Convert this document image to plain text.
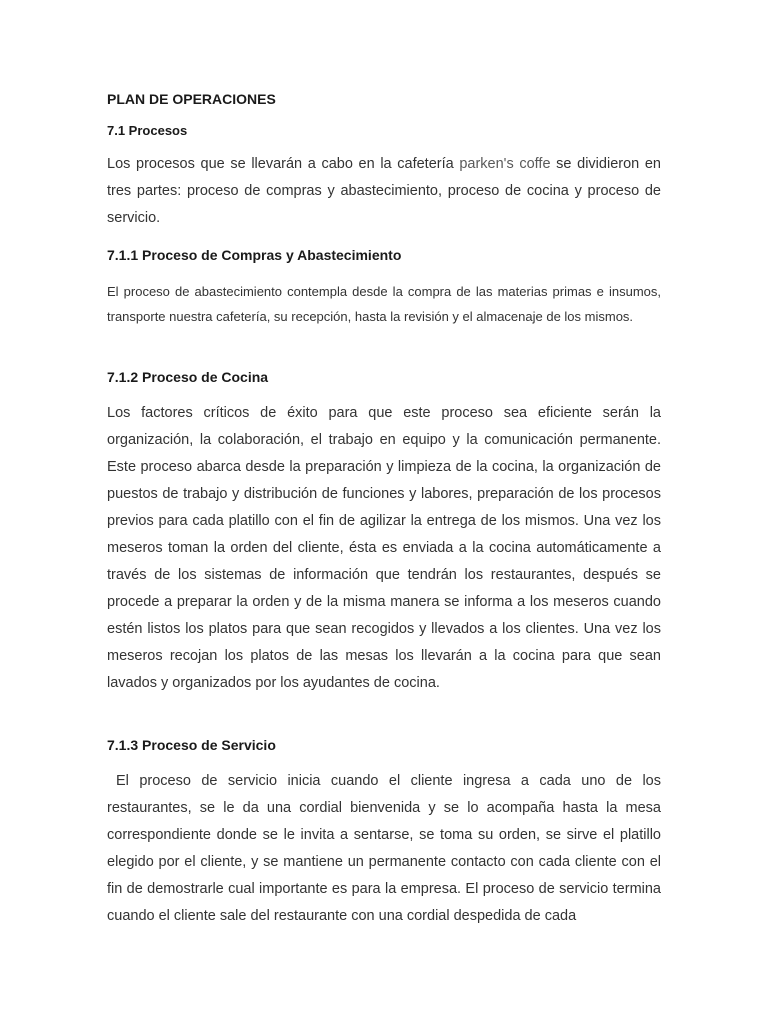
PLAN DE OPERACIONES
7.1 Procesos

Los procesos que se llevarán a cabo en la cafetería parken's coffe se dividieron en tres partes: proceso de compras y abastecimiento, proceso de cocina y proceso de servicio.

7.1.1 Proceso de Compras y Abastecimiento

El proceso de abastecimiento contempla desde la compra de las materias primas e insumos, transporte nuestra cafetería, su recepción, hasta la revisión y el almacenaje de los mismos.

7.1.2 Proceso de Cocina

Los factores críticos de éxito para que este proceso sea eficiente serán la organización, la colaboración, el trabajo en equipo y la comunicación permanente. Este proceso abarca desde la preparación y limpieza de la cocina, la organización de puestos de trabajo y distribución de funciones y labores, preparación de los procesos previos para cada platillo con el fin de agilizar la entrega de los mismos. Una vez los meseros toman la orden del cliente, ésta es enviada a la cocina automáticamente a través de los sistemas de información que tendrán los restaurantes, después se procede a preparar la orden y de la misma manera se informa a los meseros cuando estén listos los platos para que sean recogidos y llevados a los clientes. Una vez los meseros recojan los platos de las mesas los llevarán a la cocina para que sean lavados y organizados por los ayudantes de cocina.

7.1.3 Proceso de Servicio

El proceso de servicio inicia cuando el cliente ingresa a cada uno de los restaurantes, se le da una cordial bienvenida y se lo acompaña hasta la mesa correspondiente donde se le invita a sentarse, se toma su orden, se sirve el platillo elegido por el cliente, y se mantiene un permanente contacto con cada cliente con el fin de demostrarle cual importante es para la empresa. El proceso de servicio termina cuando el cliente sale del restaurante con una cordial despedida de cada
